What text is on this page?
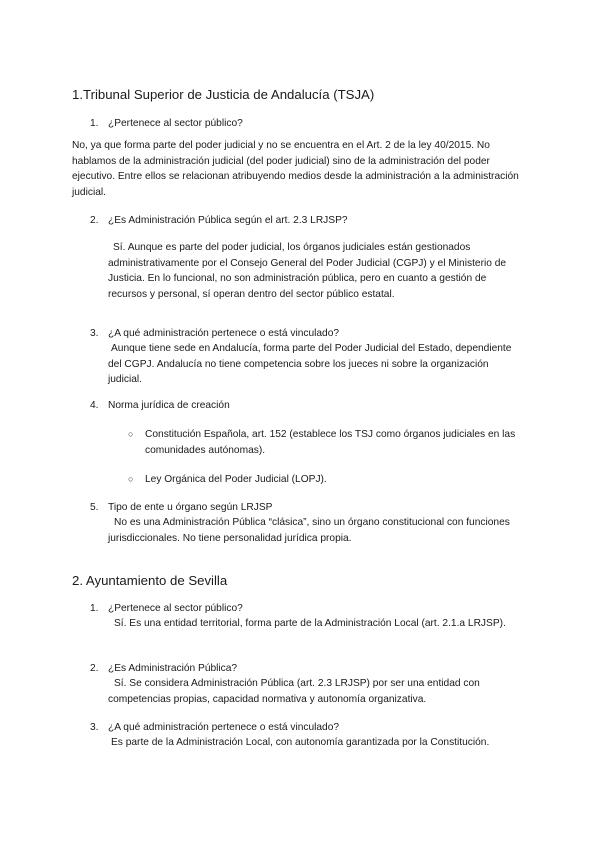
1.Tribunal Superior de Justicia de Andalucía (TSJA)
1. ¿Pertenece al sector público?

No, ya que forma parte del poder judicial y no se encuentra en el Art. 2 de la ley 40/2015. No hablamos de la administración judicial (del poder judicial) sino de la administración del poder ejecutivo. Entre ellos se relacionan atribuyendo medios desde la administración a la administración judicial.

2. ¿Es Administración Pública según el art. 2.3 LRJSP?

Sí. Aunque es parte del poder judicial, los órganos judiciales están gestionados administrativamente por el Consejo General del Poder Judicial (CGPJ) y el Ministerio de Justicia. En lo funcional, no son administración pública, pero en cuanto a gestión de recursos y personal, sí operan dentro del sector público estatal.

3. ¿A qué administración pertenece o está vinculado?

Aunque tiene sede en Andalucía, forma parte del Poder Judicial del Estado, dependiente del CGPJ. Andalucía no tiene competencia sobre los jueces ni sobre la organización judicial.

4. Norma jurídica de creación
○ Constitución Española, art. 152 (establece los TSJ como órganos judiciales en las comunidades autónomas).

○ Ley Orgánica del Poder Judicial (LOPJ).

5. Tipo de ente u órgano según LRJSP

No es una Administración Pública “clásica”, sino un órgano constitucional con funciones jurisdiccionales. No tiene personalidad jurídica propia.

2. Ayuntamiento de Sevilla
1. ¿Pertenece al sector público?

Sí. Es una entidad territorial, forma parte de la Administración Local (art. 2.1.a LRJSP).

2. ¿Es Administración Pública?

Sí. Se considera Administración Pública (art. 2.3 LRJSP) por ser una entidad con competencias propias, capacidad normativa y autonomía organizativa.

3. ¿A qué administración pertenece o está vinculado?

Es parte de la Administración Local, con autonomía garantizada por la Constitución.
